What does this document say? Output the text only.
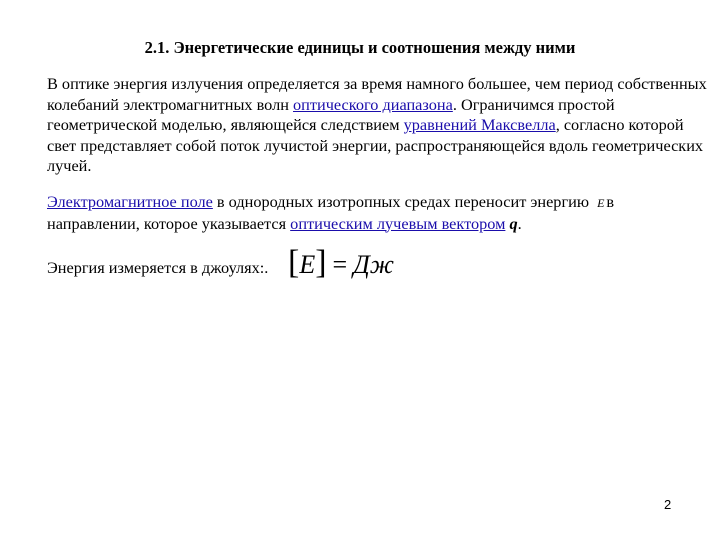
2.1. Энергетические единицы и соотношения между ними
В оптике энергия излучения определяется за время намного большее, чем период собственных колебаний электромагнитных волн оптического диапазона. Ограничимся простой геометрической моделью, являющейся следствием уравнений Максвелла, согласно которой свет представляет собой поток лучистой энергии, распространяющейся вдоль геометрических лучей.
Электромагнитное поле в однородных изотропных средах переносит энергию E в направлении, которое указывается оптическим лучевым вектором q.
Энергия измеряется в джоулях:. [E] = Дж
2
